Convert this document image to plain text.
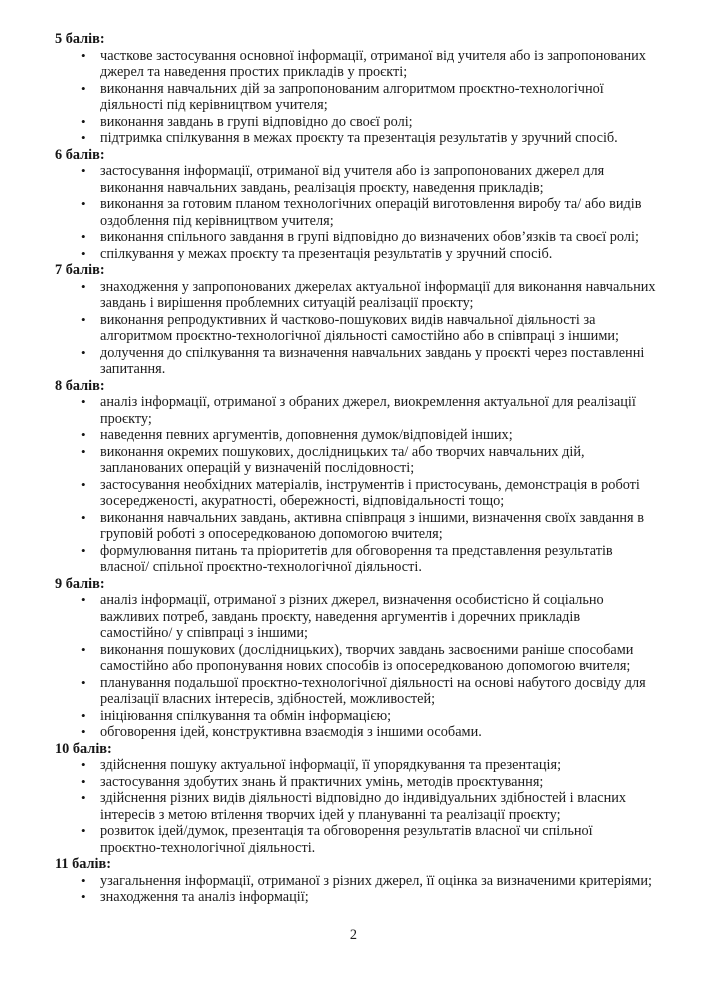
5 балів:
• часткове застосування основної інформації, отриманої від учителя або із запропонованих джерел та наведення простих прикладів у проєкті;
• виконання навчальних дій за запропонованим алгоритмом проєктно-технологічної діяльності під керівництвом учителя;
• виконання завдань в групі відповідно до своєї ролі;
• підтримка спілкування в межах проєкту та презентація результатів у зручний спосіб.
6 балів:
• застосування інформації, отриманої від учителя або із запропонованих джерел для виконання навчальних завдань, реалізація проєкту, наведення прикладів;
• виконання за готовим планом технологічних операцій виготовлення виробу та/ або видів оздоблення під керівництвом учителя;
• виконання спільного завдання в групі відповідно до визначених обов’язків та своєї ролі;
• спілкування у межах проєкту та презентація результатів у зручний спосіб.
7 балів:
• знаходження у запропонованих джерелах актуальної інформації для виконання навчальних завдань і вирішення проблемних ситуацій реалізації проєкту;
• виконання репродуктивних й частково-пошукових видів навчальної діяльності за алгоритмом проєктно-технологічної діяльності самостійно або в співпраці з іншими;
• долучення до спілкування та визначення навчальних завдань у проєкті через поставленні запитання.
8 балів:
• аналіз інформації, отриманої з обраних джерел, виокремлення актуальної для реалізації проєкту;
• наведення певних аргументів, доповнення думок/відповідей інших;
• виконання окремих пошукових, дослідницьких та/ або творчих навчальних дій, запланованих операцій у визначеній послідовності;
• застосування необхідних матеріалів, інструментів і пристосувань, демонстрація в роботі зосередженості, акуратності, обережності, відповідальності тощо;
• виконання навчальних завдань, активна співпраця з іншими, визначення своїх завдання в груповій роботі з опосередкованою допомогою вчителя;
• формулювання питань та пріоритетів для обговорення та представлення результатів власної/ спільної проєктно-технологічної діяльності.
9 балів:
• аналіз інформації, отриманої з різних джерел, визначення особистісно й соціально важливих потреб, завдань проєкту, наведення аргументів і доречних прикладів самостійно/ у співпраці з іншими;
• виконання пошукових (дослідницьких), творчих завдань засвоєними раніше способами самостійно або пропонування нових способів із опосередкованою допомогою вчителя;
• планування подальшої проєктно-технологічної діяльності на основі набутого досвіду для реалізації власних інтересів, здібностей, можливостей;
• ініціювання спілкування та обмін інформацією;
• обговорення ідей, конструктивна взаємодія з іншими особами.
10 балів:
• здійснення пошуку актуальної інформації, її упорядкування та презентація;
• застосування здобутих знань й практичних умінь, методів проєктування;
• здійснення різних видів діяльності відповідно до індивідуальних здібностей і власних інтересів з метою втілення творчих ідей у плануванні та реалізації проєкту;
• розвиток ідей/думок, презентація та обговорення результатів власної чи спільної проєктно-технологічної діяльності.
11 балів:
• узагальнення інформації, отриманої з різних джерел, її оцінка за визначеними критеріями;
• знаходження та аналіз інформації;
2
